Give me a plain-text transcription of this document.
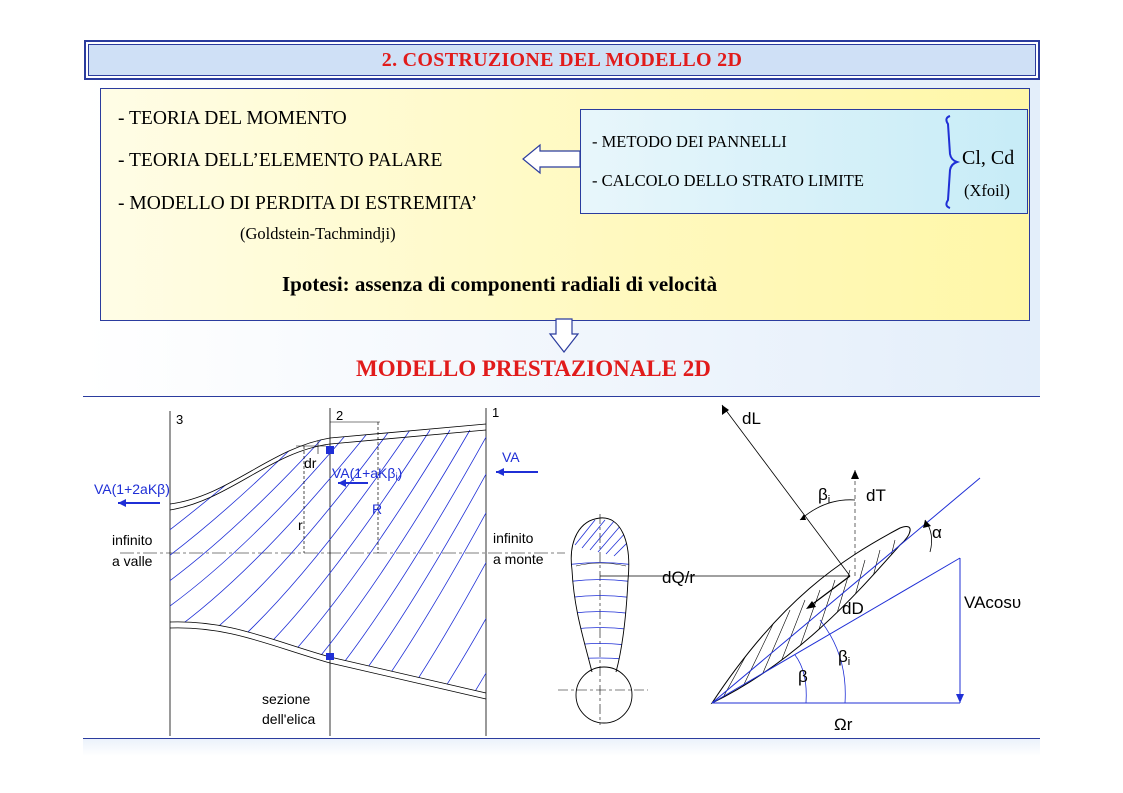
2. COSTRUZIONE DEL MODELLO 2D
- TEORIA DEL MOMENTO
- TEORIA DELL’ELEMENTO PALARE
- MODELLO DI PERDITA DI ESTREMITA’
(Goldstein-Tachmindji)
Ipotesi: assenza di componenti radiali di velocità
- METODO DEI PANNELLI
- CALCOLO DELLO STRATO LIMITE
Cl, Cd
(Xfoil)
MODELLO PRESTAZIONALE 2D
3	2	1
dr
r
R
VA(1+2aKβ)
VA(1+aKβi)
VA
infinito
a valle
infinito
a monte
sezione
dell'elica
dQ/r
dL
dT
dD
βi
α
VAcosυ
βi
β
Ωr
